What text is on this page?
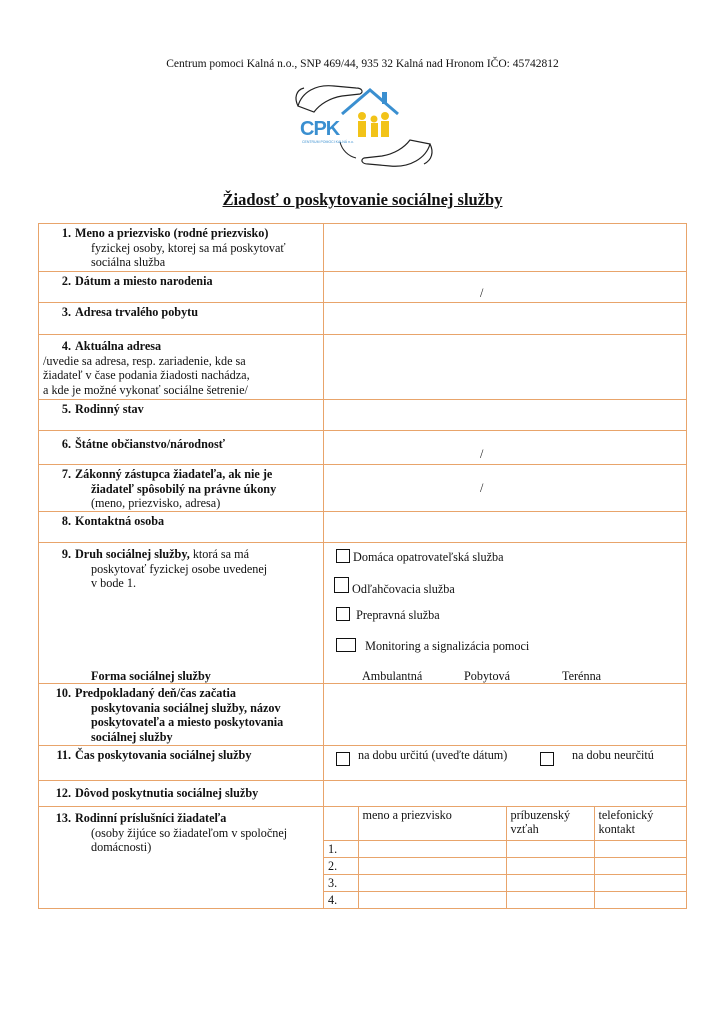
Centrum pomoci Kalná n.o., SNP 469/44, 935 32 Kalná nad Hronom IČO: 45742812
CPK
CENTRUM POMOCI KALNÁ n.o.
Žiadosť o poskytovanie sociálnej služby
1. Meno a priezvisko (rodné priezvisko)
fyzickej osoby, ktorej sa má poskytovať
sociálna služba

2. Dátum a miesto narodenia	
/

3. Adresa trvalého pobytu	

4. Aktuálna adresa
/uvedie sa adresa, resp. zariadenie, kde sa
žiadateľ v čase podania žiadosti nachádza,
a kde je možné vykonať sociálne šetrenie/

5. Rodinný stav	
6. Štátne občianstvo/národnosť	
/

7. Zákonný zástupca žiadateľa, ak nie je
žiadateľ spôsobilý na právne úkony
(meno, priezvisko, adresa)

/

8. Kontaktná osoba	

9. Druh sociálnej služby, ktorá sa má
poskytovať fyzickej osobe uvedenej
v bode 1.
Forma sociálnej služby

Domáca opatrovateľská služba
Odľahčovacia služba
Prepravná služba
Monitoring a signalizácia pomoci
Ambulantná	Pobytová	Terénna

10. Predpokladaný deň/čas začatia
poskytovania sociálnej služby, názov
poskytovateľa a miesto poskytovania
sociálnej služby

11. Čas poskytovania sociálnej služby	na dobu určitú (uveďte dátum)	na dobu neurčitú

12. Dôvod poskytnutia sociálnej služby	

13. Rodinní príslušníci žiadateľa
(osoby žijúce so žiadateľom v spoločnej
domácnosti)

	meno a priezvisko	príbuzenský vzťah	telefonický kontakt
1.			
2.			
3.			
4.			
